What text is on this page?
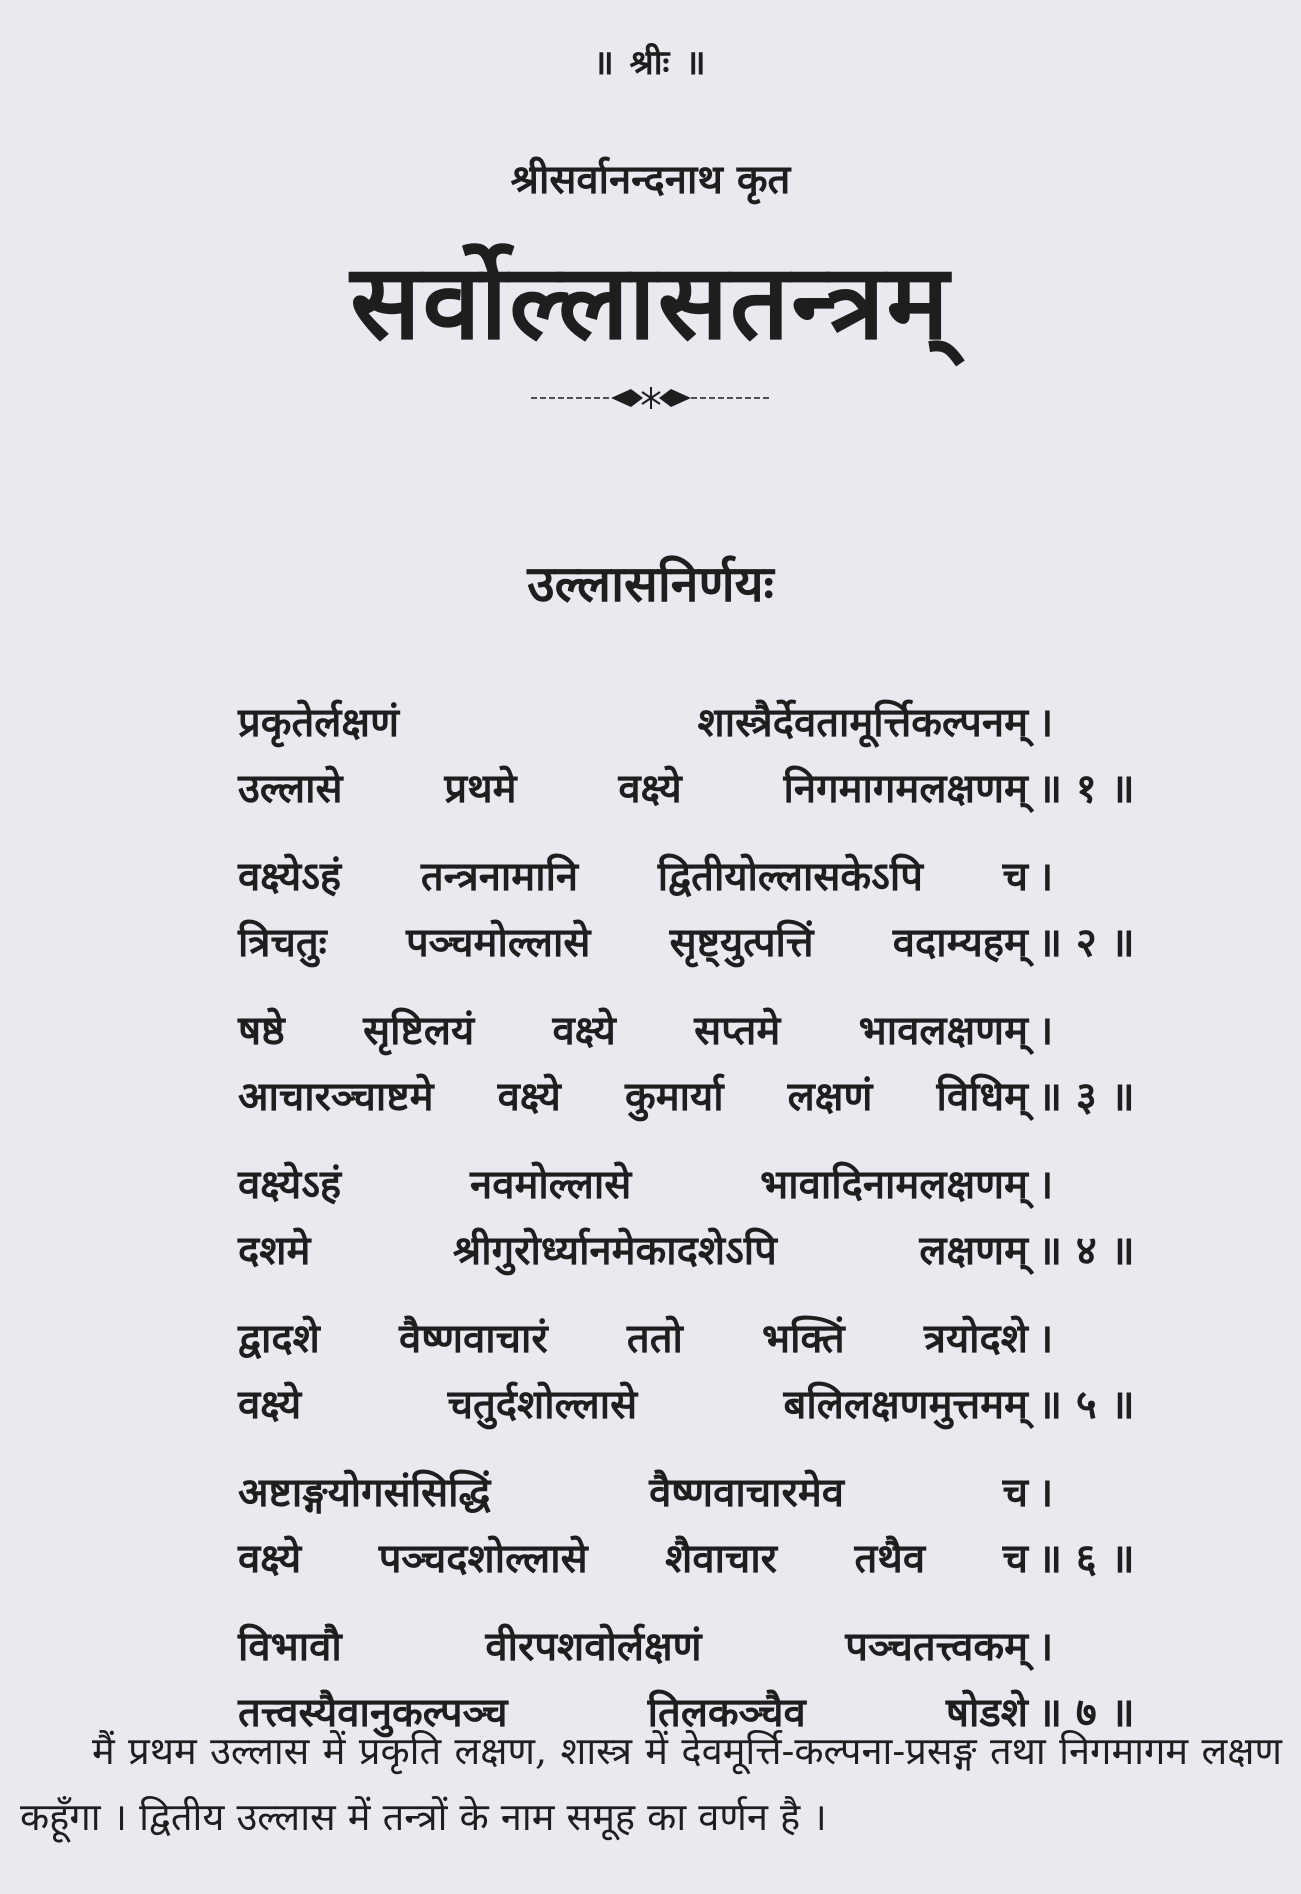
॥ श्रीः ॥
श्रीसर्वानन्दनाथ कृत
सर्वोल्लासतन्त्रम्
उल्लासनिर्णयः
प्रकृतेर्लक्षणं	शास्त्रैर्देवतामूर्त्तिकल्पनम् ।
उल्लासे	प्रथमे	वक्ष्ये	निगमागमलक्षणम् ॥ १ ॥
वक्ष्येऽहं तन्त्रनामानि द्वितीयोल्लासकेऽपि च ।
त्रिचतुः पञ्चमोल्लासे सृष्ट्युत्पत्तिं वदाम्यहम् ॥ २ ॥
षष्ठे सृष्टिलयं वक्ष्ये सप्तमे भावलक्षणम् ।
आचारञ्चाष्टमे वक्ष्ये कुमार्या लक्षणं विधिम् ॥ ३ ॥
वक्ष्येऽहं	नवमोल्लासे	भावादिनामलक्षणम् ।
दशमे	श्रीगुरोर्ध्यानमेकादशेऽपि	लक्षणम् ॥ ४ ॥
द्वादशे वैष्णवाचारं ततो भक्तिं त्रयोदशे ।
वक्ष्ये	चतुर्दशोल्लासे	बलिलक्षणमुत्तमम् ॥ ५ ॥
अष्टाङ्गयोगसंसिद्धिं	वैष्णवाचारमेव	च ।
वक्ष्ये पञ्चदशोल्लासे शैवाचार तथैव च ॥ ६ ॥
विभावौ	वीरपशवोर्लक्षणं	पञ्चतत्त्वकम् ।
तत्त्वस्यैवानुकल्पञ्च	तिलकञ्चैव	षोडशे ॥ ७ ॥

मैं प्रथम उल्लास में प्रकृति लक्षण, शास्त्र में देवमूर्त्ति-कल्पना-प्रसङ्ग तथा निगमागम लक्षण कहूँगा । द्वितीय उल्लास में तन्त्रों के नाम समूह का वर्णन है ।
